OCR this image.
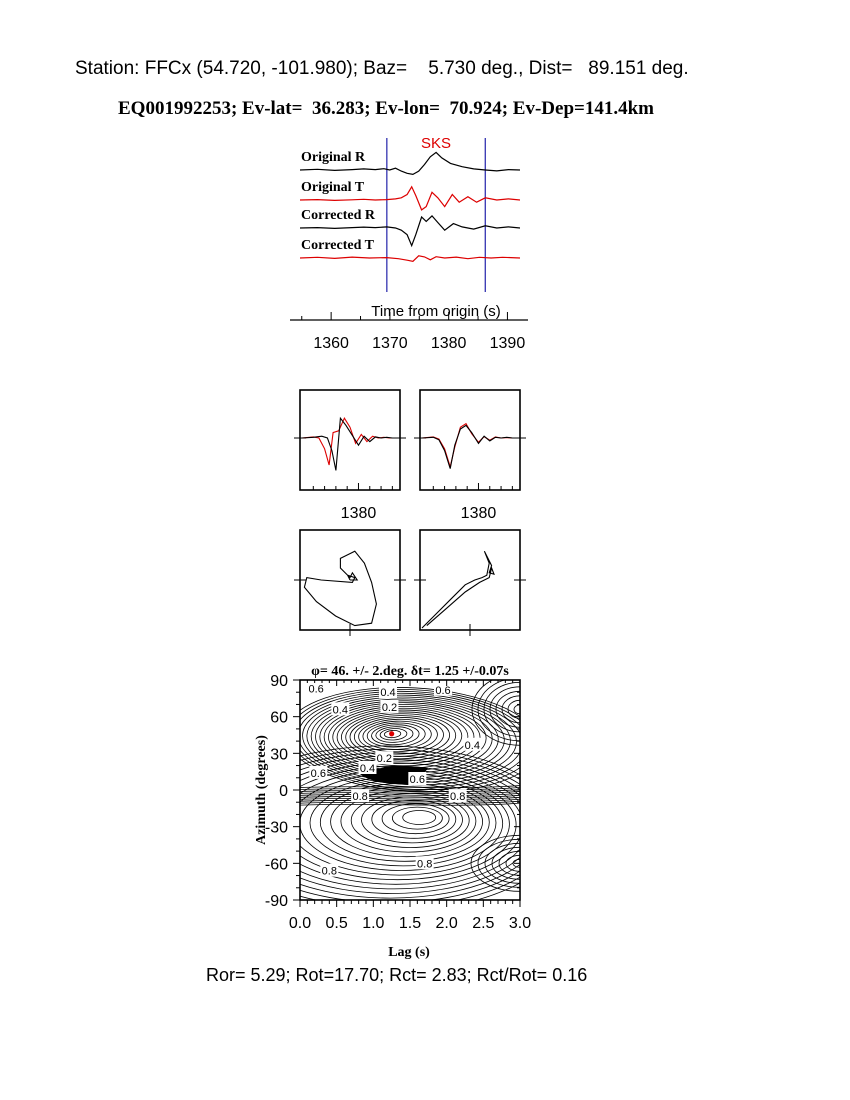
Station: FFCx (54.720, -101.980); Baz=    5.730 deg., Dist=   89.151 deg.
EQ001992253; Ev-lat=  36.283; Ev-lon=  70.924; Ev-Dep=141.4km
Ror= 5.29; Rot=17.70; Rct= 2.83; Rct/Rot= 0.16
SKS
Original R
Original T
Corrected R
Corrected T
Time from origin (s)
1360 1370 1380 1390
1380	1380
0.6
0.4
0.4
0.2
0.6
0.4
0.2
0.4
0.6
0.6
0.8	0.8
0.8
0.8
90
60
30
0
-30
-60
-90
0.0 0.5 1.0 1.5 2.0 2.5 3.0
φ= 46. +/- 2.deg. δt= 1.25 +/-0.07s
Lag (s)
Azimuth (degrees)
